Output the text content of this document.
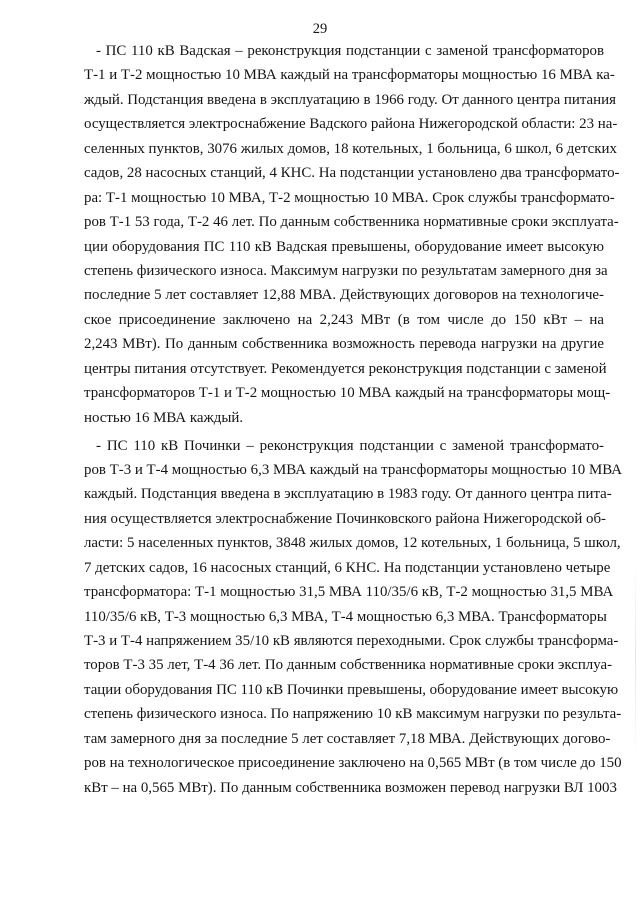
29
- ПС 110 кВ Вадская – реконструкция подстанции с заменой трансформаторов
Т-1 и Т-2 мощностью 10 МВА каждый на трансформаторы мощностью 16 МВА ка-
ждый. Подстанция введена в эксплуатацию в 1966 году. От данного центра питания
осуществляется электроснабжение Вадского района Нижегородской области: 23 на-
селенных пунктов, 3076 жилых домов, 18 котельных, 1 больница, 6 школ, 6 детских
садов, 28 насосных станций, 4 КНС. На подстанции установлено два трансформато-
ра: Т-1 мощностью 10 МВА, Т-2 мощностью 10 МВА. Срок службы трансформато-
ров Т-1 53 года, Т-2 46 лет. По данным собственника нормативные сроки эксплуата-
ции оборудования ПС 110 кВ Вадская превышены, оборудование имеет высокую
степень физического износа. Максимум нагрузки по результатам замерного дня за
последние 5 лет составляет 12,88 МВА. Действующих договоров на технологиче-
ское присоединение заключено на 2,243 МВт (в том числе до 150 кВт – на
2,243 МВт). По данным собственника возможность перевода нагрузки на другие
центры питания отсутствует. Рекомендуется реконструкция подстанции с заменой
трансформаторов Т-1 и Т-2 мощностью 10 МВА каждый на трансформаторы мощ-
ностью 16 МВА каждый.
- ПС 110 кВ Починки – реконструкция подстанции с заменой трансформато-
ров Т-3 и Т-4 мощностью 6,3 МВА каждый на трансформаторы мощностью 10 МВА
каждый. Подстанция введена в эксплуатацию в 1983 году. От данного центра пита-
ния осуществляется электроснабжение Починковского района Нижегородской об-
ласти: 5 населенных пунктов, 3848 жилых домов, 12 котельных, 1 больница, 5 школ,
7 детских садов, 16 насосных станций, 6 КНС. На подстанции установлено четыре
трансформатора: Т-1 мощностью 31,5 МВА 110/35/6 кВ, Т-2 мощностью 31,5 МВА
110/35/6 кВ, Т-3 мощностью 6,3 МВА, Т-4 мощностью 6,3 МВА. Трансформаторы
Т-3 и Т-4 напряжением 35/10 кВ являются переходными. Срок службы трансформа-
торов Т-3 35 лет, Т-4 36 лет. По данным собственника нормативные сроки эксплуа-
тации оборудования ПС 110 кВ Починки превышены, оборудование имеет высокую
степень физического износа. По напряжению 10 кВ максимум нагрузки по результа-
там замерного дня за последние 5 лет составляет 7,18 МВА. Действующих догово-
ров на технологическое присоединение заключено на 0,565 МВт (в том числе до 150
кВт – на 0,565 МВт). По данным собственника возможен перевод нагрузки ВЛ 1003
